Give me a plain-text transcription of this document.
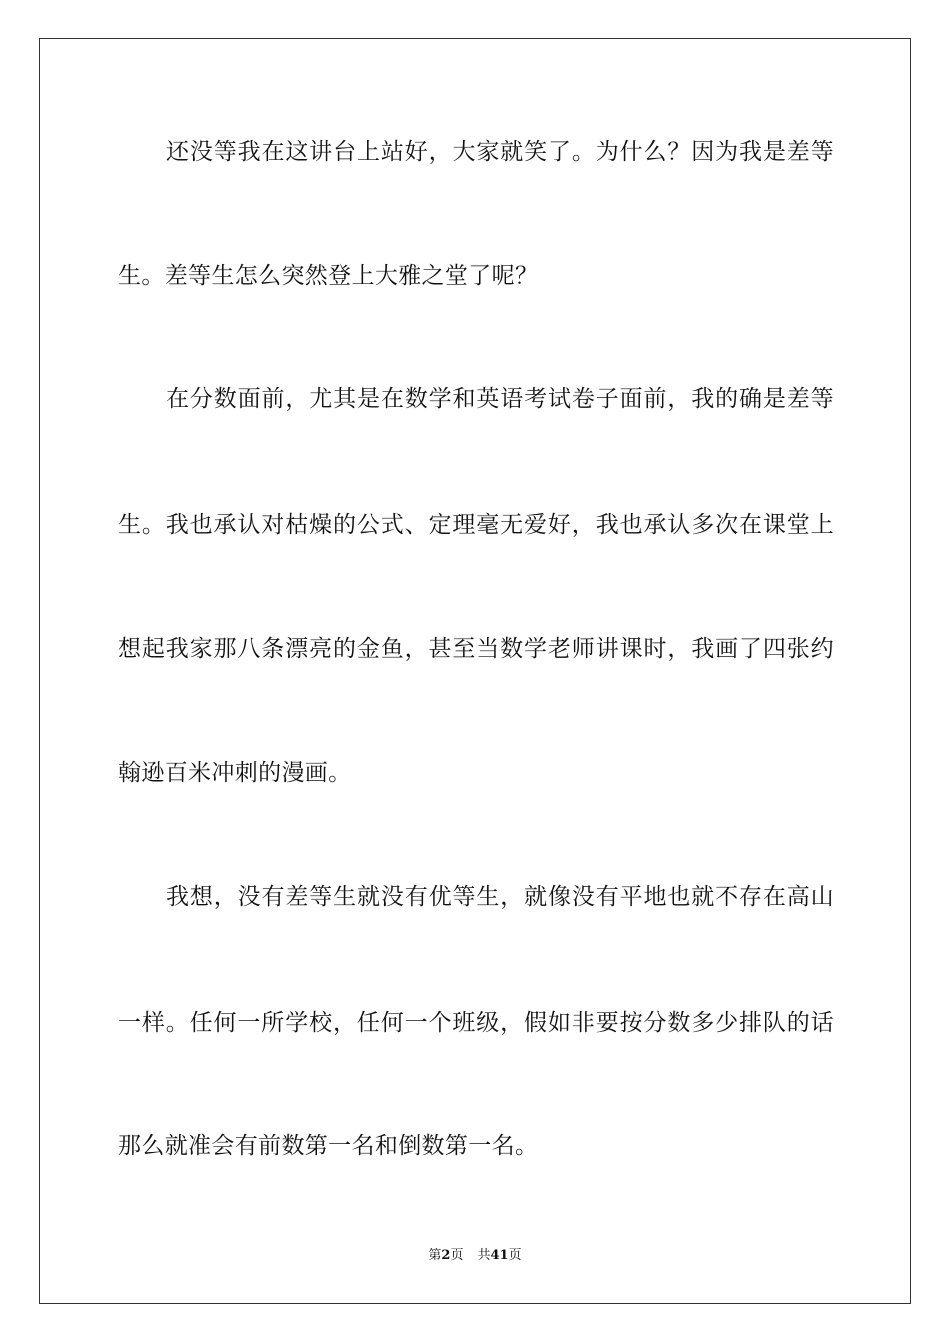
还没等我在这讲台上站好，大家就笑了。为什么？因为我是差等
生。差等生怎么突然登上大雅之堂了呢？
在分数面前，尤其是在数学和英语考试卷子面前，我的确是差等
生。我也承认对枯燥的公式、定理毫无爱好，我也承认多次在课堂上
想起我家那八条漂亮的金鱼，甚至当数学老师讲课时，我画了四张约
翰逊百米冲刺的漫画。
我想，没有差等生就没有优等生，就像没有平地也就不存在高山
一样。任何一所学校，任何一个班级，假如非要按分数多少排队的话
那么就准会有前数第一名和倒数第一名。
第2页 共41页
